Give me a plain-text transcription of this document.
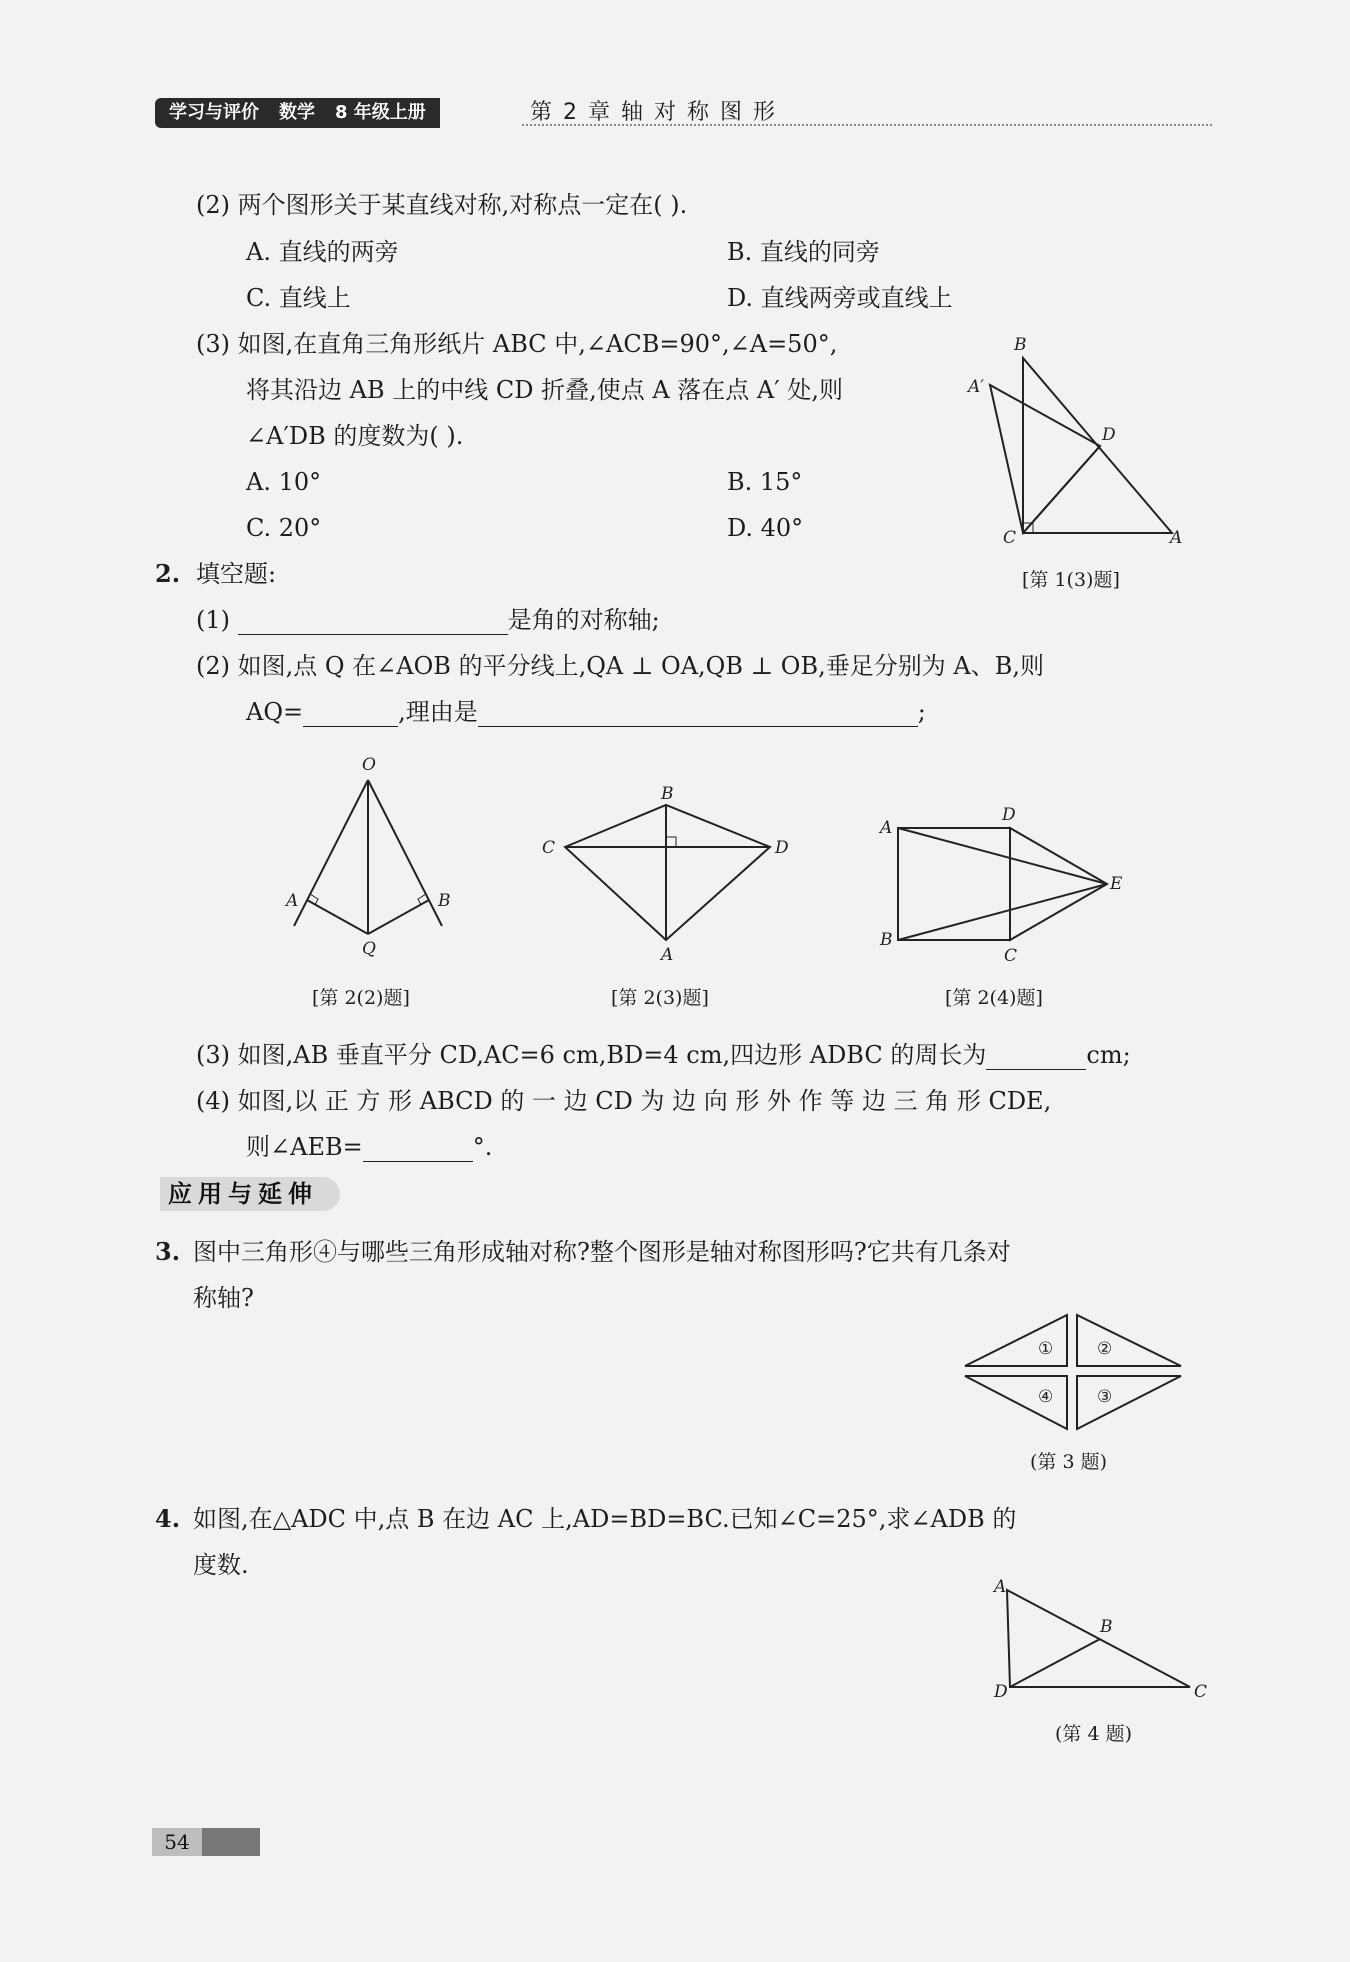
学习与评价 数学 8 年级上册	第 2 章 轴 对 称 图 形
(2) 两个图形关于某直线对称,对称点一定在( ).
A. 直线的两旁	B. 直线的同旁
C. 直线上	D. 直线两旁或直线上
(3) 如图,在直角三角形纸片 ABC 中,∠ACB=90°,∠A=50°,
将其沿边 AB 上的中线 CD 折叠,使点 A 落在点 A′ 处,则
∠A′DB 的度数为( ).
A. 10°	B. 15°
C. 20°	D. 40°
B
A′
D
C	A
[第 1(3)题]
2. 填空题:
(1)	是角的对称轴;
(2) 如图,点 Q 在∠AOB 的平分线上,QA ⊥ OA,QB ⊥ OB,垂足分别为 A、B,则
AQ=	,理由是	;
O
A	B
Q
[第 2(2)题]
B
C	D
A
[第 2(3)题]
A
D
E
B
C
[第 2(4)题]
(3) 如图,AB 垂直平分 CD,AC=6 cm,BD=4 cm,四边形 ADBC 的周长为	cm;
(4) 如图,以 正 方 形 ABCD 的 一 边 CD 为 边 向 形 外 作 等 边 三 角 形 CDE,
则∠AEB=	°.
应用与延伸
3. 图中三角形④与哪些三角形成轴对称?整个图形是轴对称图形吗?它共有几条对
称轴?
①	②
③
④
(第 3 题)
4. 如图,在△ADC 中,点 B 在边 AC 上,AD=BD=BC.已知∠C=25°,求∠ADB 的
度数.
A
B
D	C
(第 4 题)
54
